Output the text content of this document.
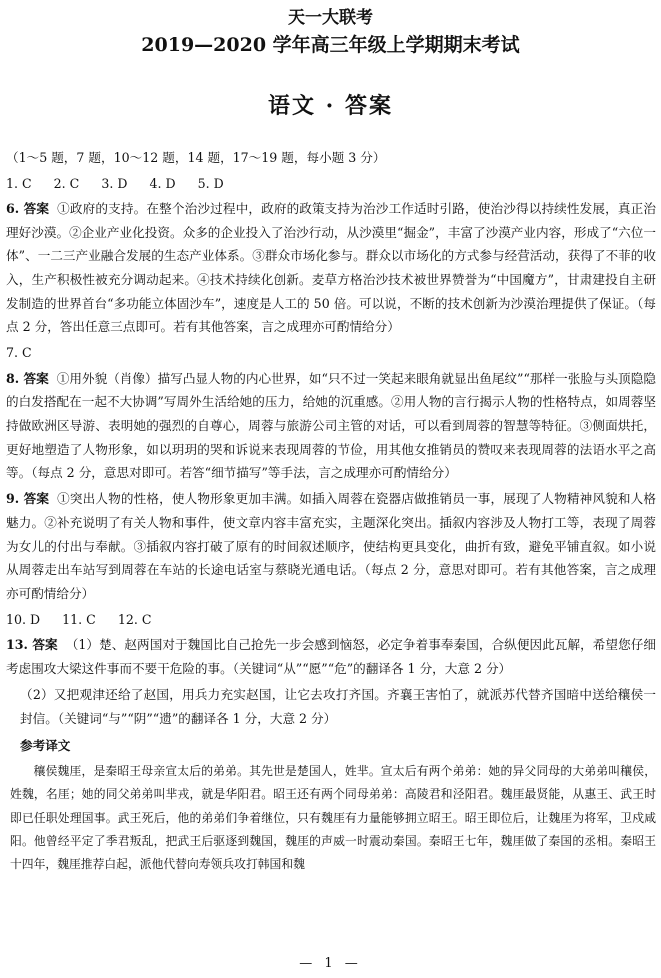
天一大联考
2019—2020 学年高三年级上学期期末考试
语文 · 答案

（1～5 题，7 题，10～12 题，14 题，17～19 题，每小题 3 分）

1. C 2. C 3. D 4. D 5. D

6. 答案 ①政府的支持。在整个治沙过程中，政府的政策支持为治沙工作适时引路，使治沙得以持续性发展，真正治理好沙漠。②企业产业化投资。众多的企业投入了治沙行动，从沙漠里“掘金”，丰富了沙漠产业内容，形成了“六位一体”、一二三产业融合发展的生态产业体系。③群众市场化参与。群众以市场化的方式参与经营活动，获得了不菲的收入，生产积极性被充分调动起来。④技术持续化创新。麦草方格治沙技术被世界赞誉为“中国魔方”，甘肃建投自主研发制造的世界首台“多功能立体固沙车”，速度是人工的 50 倍。可以说，不断的技术创新为沙漠治理提供了保证。（每点 2 分，答出任意三点即可。若有其他答案，言之成理亦可酌情给分）

7. C

8. 答案 ①用外貌（肖像）描写凸显人物的内心世界，如“只不过一笑起来眼角就显出鱼尾纹”“那样一张脸与头顶隐隐的白发搭配在一起不大协调”写周外生活给她的压力，给她的沉重感。②用人物的言行揭示人物的性格特点，如周蓉坚持做欧洲区导游、表明她的强烈的自尊心，周蓉与旅游公司主管的对话，可以看到周蓉的智慧等特征。③侧面烘托，更好地塑造了人物形象，如以玥玥的哭和诉说来表现周蓉的节俭，用其他女推销员的赞叹来表现周蓉的法语水平之高等。（每点 2 分，意思对即可。若答“细节描写”等手法，言之成理亦可酌情给分）

9. 答案 ①突出人物的性格，使人物形象更加丰满。如插入周蓉在瓷器店做推销员一事，展现了人物精神风貌和人格魅力。②补充说明了有关人物和事件，使文章内容丰富充实，主题深化突出。插叙内容涉及人物打工等，表现了周蓉为女儿的付出与奉献。③插叙内容打破了原有的时间叙述顺序，使结构更具变化，曲折有致，避免平铺直叙。如小说从周蓉走出车站写到周蓉在车站的长途电话室与蔡晓光通电话。（每点 2 分，意思对即可。若有其他答案，言之成理亦可酌情给分）

10. D 11. C 12. C

13. 答案 （1）楚、赵两国对于魏国比自己抢先一步会感到恼怒，必定争着事奉秦国，合纵便因此瓦解，希望您仔细考虑围攻大梁这件事而不要干危险的事。（关键词“从”“愿”“危”的翻译各 1 分，大意 2 分）

（2）又把观津还给了赵国，用兵力充实赵国，让它去攻打齐国。齐襄王害怕了，就派苏代替齐国暗中送给穰侯一封信。（关键词“与”“阴”“遗”的翻译各 1 分，大意 2 分）

参考译文

穰侯魏厓，是秦昭王母亲宣太后的弟弟。其先世是楚国人，姓芈。宣太后有两个弟弟：她的异父同母的大弟弟叫穰侯，姓魏，名厓；她的同父弟弟叫芈戎，就是华阳君。昭王还有两个同母弟弟：高陵君和泾阳君。魏厓最贤能，从惠王、武王时即已任职处理国事。武王死后，他的弟弟们争着继位，只有魏厓有力量能够拥立昭王。昭王即位后，让魏厓为将军，卫戍咸阳。他曾经平定了季君叛乱，把武王后驱逐到魏国，魏厓的声威一时震动秦国。秦昭王七年，魏厓做了秦国的丞相。秦昭王十四年，魏厓推荐白起，派他代替向寿领兵攻打韩国和魏

— 1 —
